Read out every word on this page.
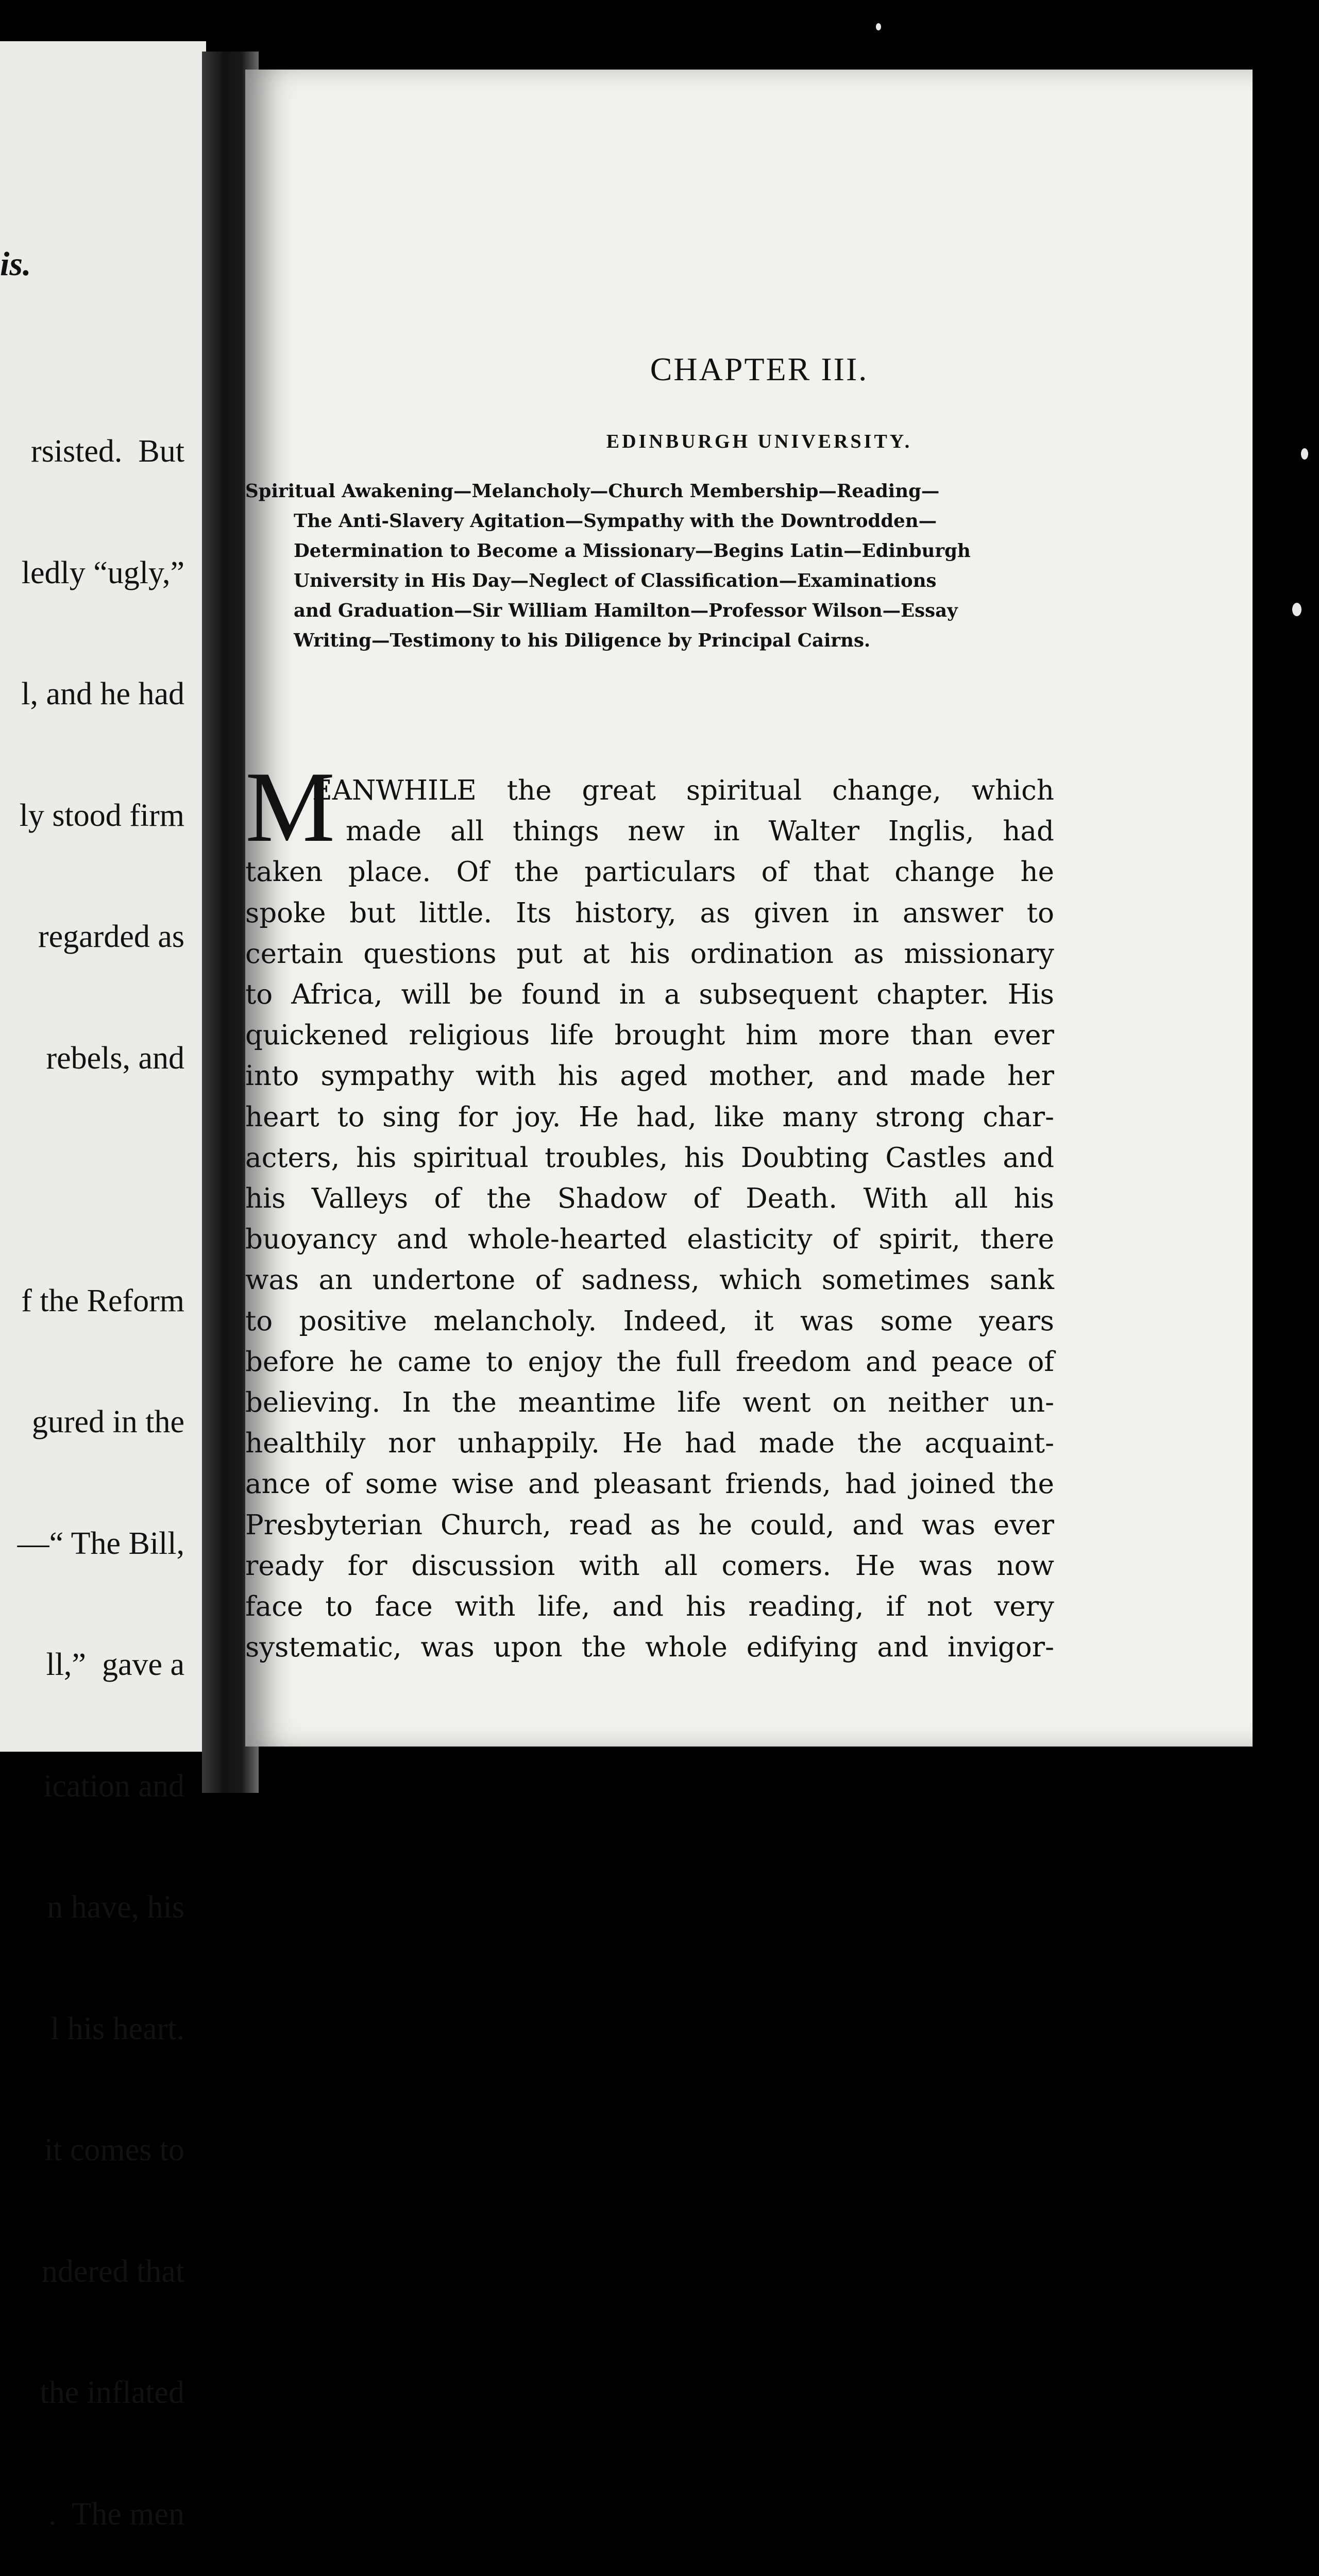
is.

rsisted.  But

ledly “ugly,”

l, and he had

ly stood firm

regarded as

rebels, and

f the Reform

gured in the

—“ The Bill,

ll,”  gave a

ication and

n have, his

l his heart.

it comes to

ndered that

the inflated

.  The men

CHAPTER III.
EDINBURGH UNIVERSITY.
Spiritual Awakening—Melancholy—Church Membership—Reading—
The Anti-Slavery Agitation—Sympathy with the Downtrodden—
Determination to Become a Missionary—Begins Latin—Edinburgh
University in His Day—Neglect of Classification—Examinations
and Graduation—Sir William Hamilton—Professor Wilson—Essay
Writing—Testimony to his Diligence by Principal Cairns.
M
EANWHILE the great spiritual change, which
made all things new in Walter Inglis, had
taken place. Of the particulars of that change he
spoke but little. Its history, as given in answer to
certain questions put at his ordination as missionary
to Africa, will be found in a subsequent chapter. His
quickened religious life brought him more than ever
into sympathy with his aged mother, and made her
heart to sing for joy. He had, like many strong char-
acters, his spiritual troubles, his Doubting Castles and
his Valleys of the Shadow of Death. With all his
buoyancy and whole-hearted elasticity of spirit, there
was an undertone of sadness, which sometimes sank
to positive melancholy. Indeed, it was some years
before he came to enjoy the full freedom and peace of
believing. In the meantime life went on neither un-
healthily nor unhappily. He had made the acquaint-
ance of some wise and pleasant friends, had joined the
Presbyterian Church, read as he could, and was ever
ready for discussion with all comers. He was now
face to face with life, and his reading, if not very
systematic, was upon the whole edifying and invigor-
